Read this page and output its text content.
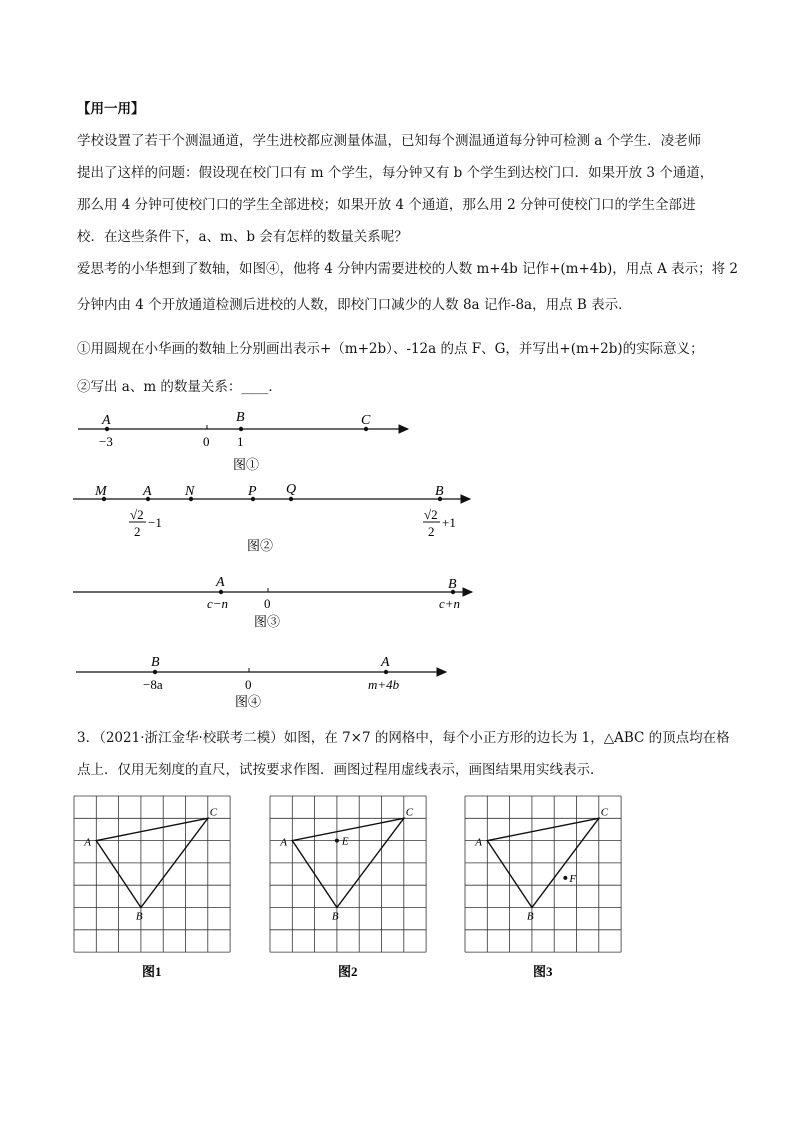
【用一用】
学校设置了若干个测温通道，学生进校都应测量体温，已知每个测温通道每分钟可检测 a 个学生．凌老师
提出了这样的问题：假设现在校门口有 m 个学生，每分钟又有 b 个学生到达校门口．如果开放 3 个通道，
那么用 4 分钟可使校门口的学生全部进校；如果开放 4 个通道，那么用 2 分钟可使校门口的学生全部进
校．在这些条件下，a、m、b 会有怎样的数量关系呢？
爱思考的小华想到了数轴，如图④，他将 4 分钟内需要进校的人数 m+4b 记作+(m+4b)，用点 A 表示；将 2
分钟内由 4 个开放通道检测后进校的人数，即校门口减少的人数 8a 记作-8a，用点 B 表示．
①用圆规在小华画的数轴上分别画出表示+（m+2b）、-12a 的点 F、G，并写出+(m+2b)的实际意义；
②写出 a、m 的数量关系：____．
A	B	C
−3	0 1
图①
M	A N	P Q	B
√2
2
−1
√2
2
+1
图②
A	B
c−n	0	c+n
图③
B	A
−8a	0	m+4b
图④
A
B
C
图1
A
B
C
E
图2
A
B
C
F
图3
3．（2021·浙江金华·校联考二模）如图，在 7×7 的网格中，每个小正方形的边长为 1，△ABC 的顶点均在格
点上．仅用无刻度的直尺，试按要求作图．画图过程用虚线表示，画图结果用实线表示．
